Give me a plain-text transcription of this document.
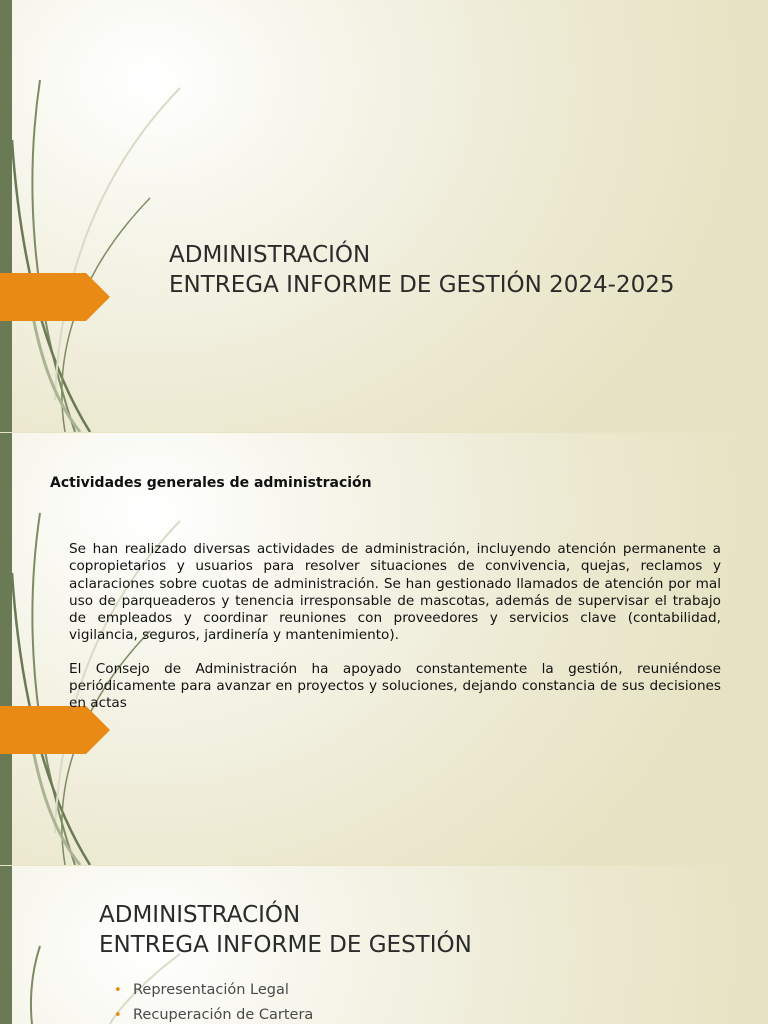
ADMINISTRACIÓN
ENTREGA INFORME DE GESTIÓN 2024-2025
Actividades generales de administración

Se han realizado diversas actividades de administración, incluyendo atención permanente a copropietarios y usuarios para resolver situaciones de convivencia, quejas, reclamos y aclaraciones sobre cuotas de administración. Se han gestionado llamados de atención por mal uso de parqueaderos y tenencia irresponsable de mascotas, además de supervisar el trabajo de empleados y coordinar reuniones con proveedores y servicios clave (contabilidad, vigilancia, seguros, jardinería y mantenimiento).

El Consejo de Administración ha apoyado constantemente la gestión, reuniéndose periódicamente para avanzar en proyectos y soluciones, dejando constancia de sus decisiones en actas

ADMINISTRACIÓN
ENTREGA INFORME DE GESTIÓN
• Representación Legal
• Recuperación de Cartera
